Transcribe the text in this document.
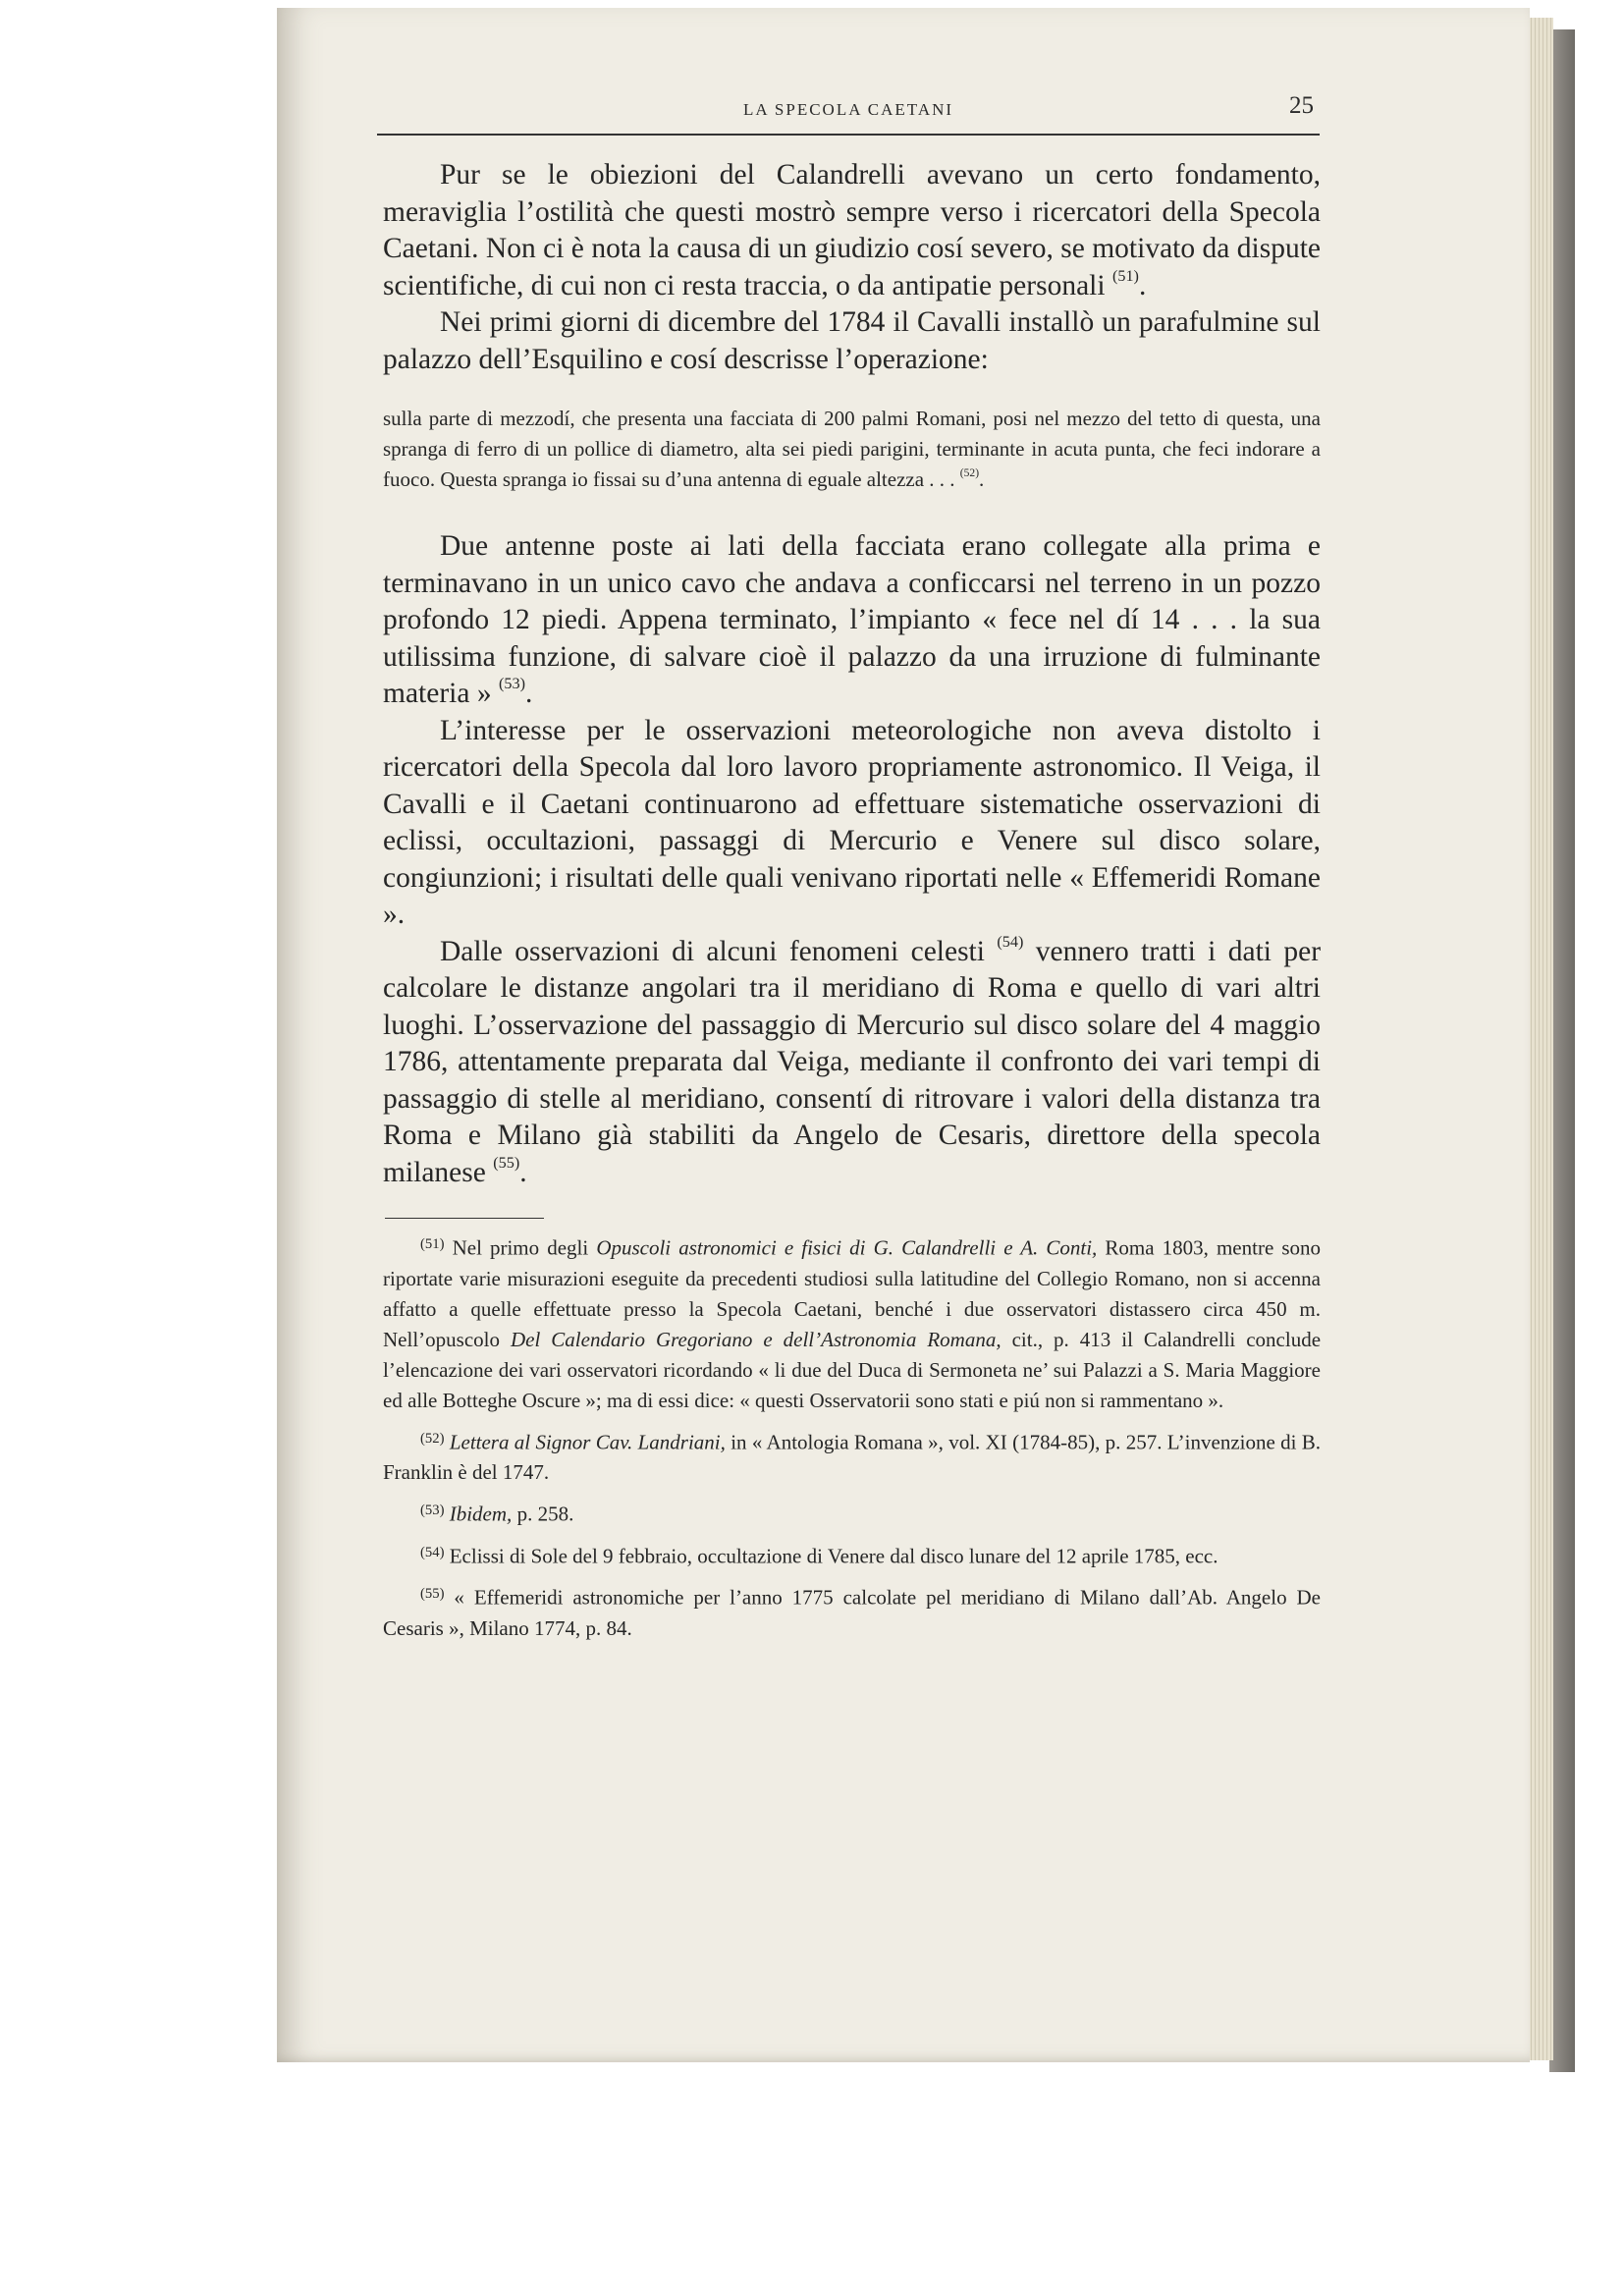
LA SPECOLA CAETANI	25

Pur se le obiezioni del Calandrelli avevano un certo fondamento, meraviglia l’ostilità che questi mostrò sempre verso i ricercatori della Specola Caetani. Non ci è nota la causa di un giudizio cosí severo, se motivato da dispute scientifiche, di cui non ci resta traccia, o da antipatie personali $^{(51)}$.

Nei primi giorni di dicembre del 1784 il Cavalli installò un parafulmine sul palazzo dell’Esquilino e cosí descrisse l’operazione:

sulla parte di mezzodí, che presenta una facciata di 200 palmi Romani, posi nel mezzo del tetto di questa, una spranga di ferro di un pollice di diametro, alta sei piedi parigini, terminante in acuta punta, che feci indorare a fuoco. Questa spranga io fissai su d’una antenna di eguale altezza . . . $^{(52)}$.

Due antenne poste ai lati della facciata erano collegate alla prima e terminavano in un unico cavo che andava a conficcarsi nel terreno in un pozzo profondo 12 piedi. Appena terminato, l’impianto « fece nel dí 14 . . . la sua utilissima funzione, di salvare cioè il palazzo da una irruzione di fulminante materia » $^{(53)}$.

L’interesse per le osservazioni meteorologiche non aveva distolto i ricercatori della Specola dal loro lavoro propriamente astronomico. Il Veiga, il Cavalli e il Caetani continuarono ad effettuare sistematiche osservazioni di eclissi, occultazioni, passaggi di Mercurio e Venere sul disco solare, congiunzioni; i risultati delle quali venivano riportati nelle « Effemeridi Romane ».

Dalle osservazioni di alcuni fenomeni celesti $^{(54)}$ vennero tratti i dati per calcolare le distanze angolari tra il meridiano di Roma e quello di vari altri luoghi. L’osservazione del passaggio di Mercurio sul disco solare del 4 maggio 1786, attentamente preparata dal Veiga, mediante il confronto dei vari tempi di passaggio di stelle al meridiano, consentí di ritrovare i valori della distanza tra Roma e Milano già stabiliti da Angelo de Cesaris, direttore della specola milanese $^{(55)}$.

$^{(51)}$ Nel primo degli Opuscoli astronomici e fisici di G. Calandrelli e A. Conti, Roma 1803, mentre sono riportate varie misurazioni eseguite da precedenti studiosi sulla latitudine del Collegio Romano, non si accenna affatto a quelle effettuate presso la Specola Caetani, benché i due osservatori distassero circa 450 m. Nell’opuscolo Del Calendario Gregoriano e dell’Astronomia Romana, cit., p. 413 il Calandrelli conclude l’elencazione dei vari osservatori ricordando « li due del Duca di Sermoneta ne’ sui Palazzi a S. Maria Maggiore ed alle Botteghe Oscure »; ma di essi dice: « questi Osservatorii sono stati e piú non si rammentano ».

$^{(52)}$ Lettera al Signor Cav. Landriani, in « Antologia Romana », vol. XI (1784-85), p. 257. L’invenzione di B. Franklin è del 1747.

$^{(53)}$ Ibidem, p. 258.

$^{(54)}$ Eclissi di Sole del 9 febbraio, occultazione di Venere dal disco lunare del 12 aprile 1785, ecc.

$^{(55)}$ « Effemeridi astronomiche per l’anno 1775 calcolate pel meridiano di Milano dall’Ab. Angelo De Cesaris », Milano 1774, p. 84.
